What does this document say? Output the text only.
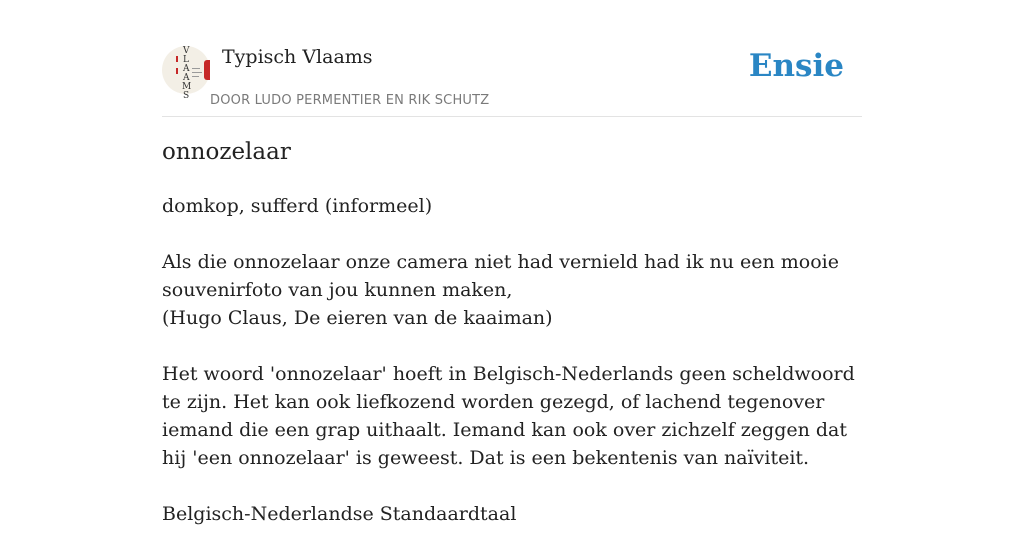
V
L
A
A
M
S
Typisch Vlaams
DOOR LUDO PERMENTIER EN RIK SCHUTZ
Ensie
onnozelaar

domkop, sufferd (informeel)

Als die onnozelaar onze camera niet had vernield had ik nu een mooie
souvenirfoto van jou kunnen maken,
(Hugo Claus, De eieren van de kaaiman)

Het woord 'onnozelaar' hoeft in Belgisch-Nederlands geen scheldwoord te zijn. Het kan ook liefkozend worden gezegd, of lachend tegenover iemand die een grap uithaalt. Iemand kan ook over zichzelf zeggen dat hij 'een onnozelaar' is geweest. Dat is een bekentenis van naïviteit.

Belgisch-Nederlandse Standaardtaal
